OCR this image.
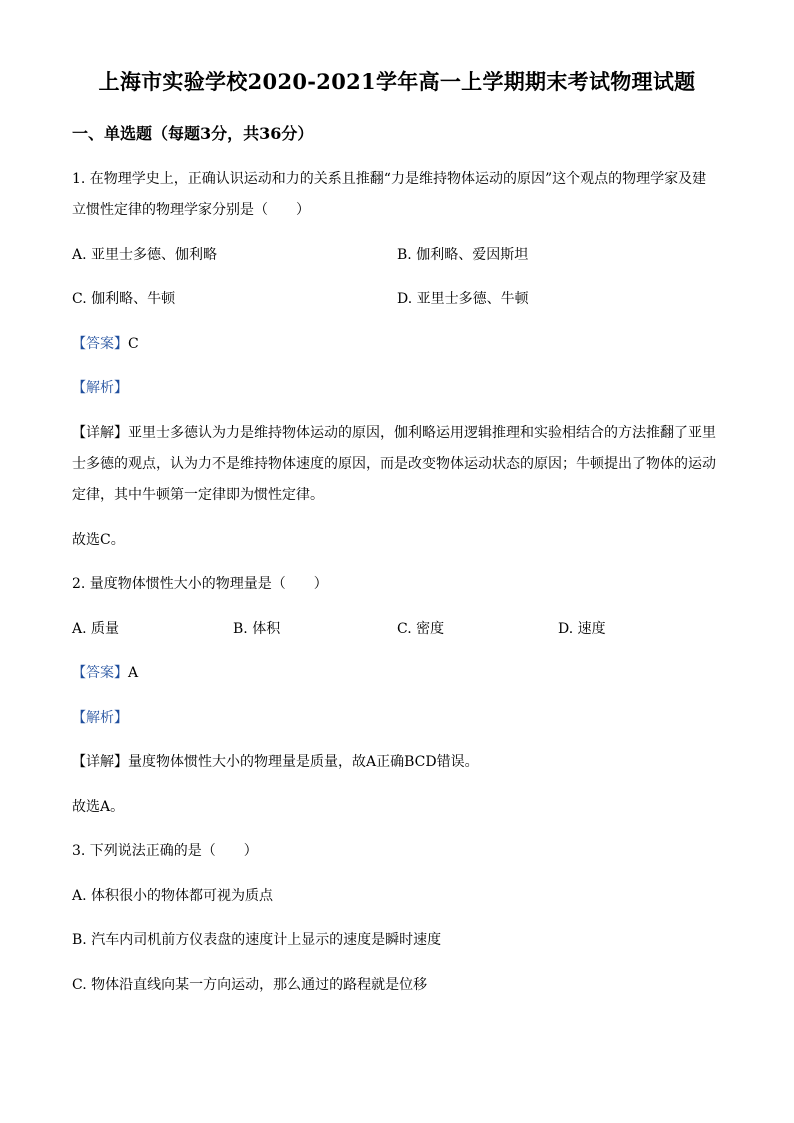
上海市实验学校2020-2021学年高一上学期期末考试物理试题
一、单选题（每题3分，共36分）
1. 在物理学史上，正确认识运动和力的关系且推翻“力是维持物体运动的原因”这个观点的物理学家及建
立惯性定律的物理学家分别是（　　）
A. 亚里士多德、伽利略	B. 伽利略、爱因斯坦
C. 伽利略、牛顿	D. 亚里士多德、牛顿
【答案】C
【解析】
【详解】亚里士多德认为力是维持物体运动的原因，伽利略运用逻辑推理和实验相结合的方法推翻了亚里
士多德的观点，认为力不是维持物体速度的原因，而是改变物体运动状态的原因；牛顿提出了物体的运动
定律，其中牛顿第一定律即为惯性定律。
故选C。
2. 量度物体惯性大小的物理量是（　　）
A. 质量	B. 体积	C. 密度	D. 速度
【答案】A
【解析】
【详解】量度物体惯性大小的物理量是质量，故A正确BCD错误。
故选A。
3. 下列说法正确的是（　　）
A. 体积很小的物体都可视为质点
B. 汽车内司机前方仪表盘的速度计上显示的速度是瞬时速度
C. 物体沿直线向某一方向运动，那么通过的路程就是位移
